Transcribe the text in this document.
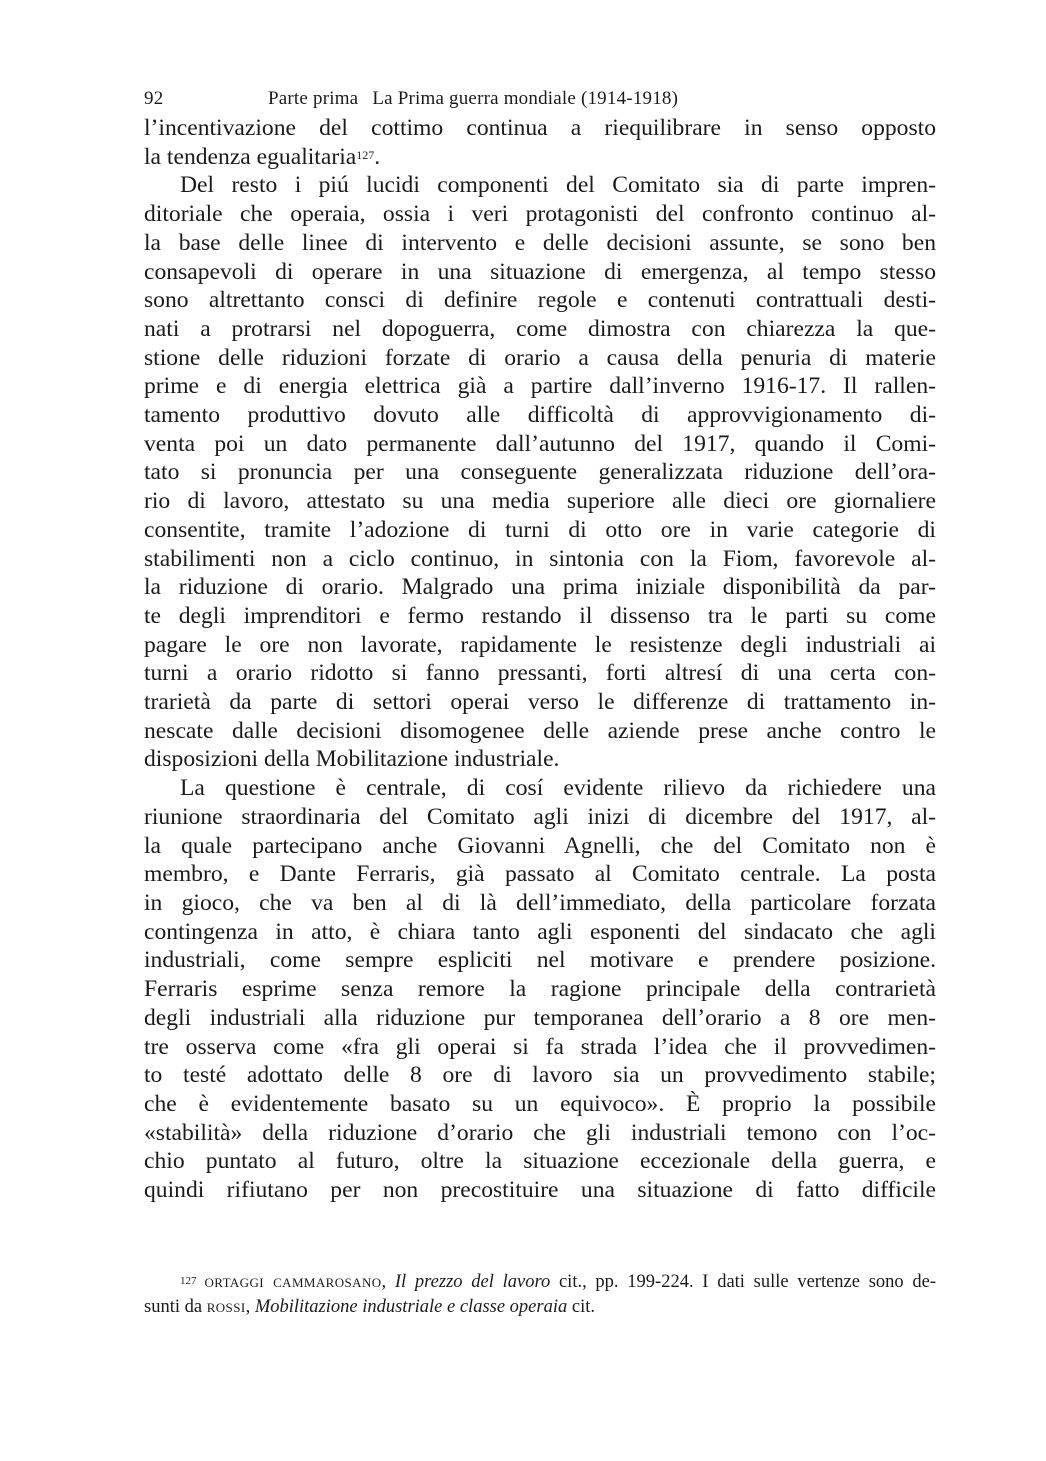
92	Parte prima La Prima guerra mondiale (1914-1918)

l’incentivazione del cottimo continua a riequilibrare in senso opposto
la tendenza egualitaria$^{127}$.

Del resto i piú lucidi componenti del Comitato sia di parte impren-
ditoriale che operaia, ossia i veri protagonisti del confronto continuo al-
la base delle linee di intervento e delle decisioni assunte, se sono ben
consapevoli di operare in una situazione di emergenza, al tempo stesso
sono altrettanto consci di definire regole e contenuti contrattuali desti-
nati a protrarsi nel dopoguerra, come dimostra con chiarezza la que-
stione delle riduzioni forzate di orario a causa della penuria di materie
prime e di energia elettrica già a partire dall’inverno 1916-17. Il rallen-
tamento produttivo dovuto alle difficoltà di approvvigionamento di-
venta poi un dato permanente dall’autunno del 1917, quando il Comi-
tato si pronuncia per una conseguente generalizzata riduzione dell’ora-
rio di lavoro, attestato su una media superiore alle dieci ore giornaliere
consentite, tramite l’adozione di turni di otto ore in varie categorie di
stabilimenti non a ciclo continuo, in sintonia con la Fiom, favorevole al-
la riduzione di orario. Malgrado una prima iniziale disponibilità da par-
te degli imprenditori e fermo restando il dissenso tra le parti su come
pagare le ore non lavorate, rapidamente le resistenze degli industriali ai
turni a orario ridotto si fanno pressanti, forti altresí di una certa con-
trarietà da parte di settori operai verso le differenze di trattamento in-
nescate dalle decisioni disomogenee delle aziende prese anche contro le
disposizioni della Mobilitazione industriale.

La questione è centrale, di cosí evidente rilievo da richiedere una
riunione straordinaria del Comitato agli inizi di dicembre del 1917, al-
la quale partecipano anche Giovanni Agnelli, che del Comitato non è
membro, e Dante Ferraris, già passato al Comitato centrale. La posta
in gioco, che va ben al di là dell’immediato, della particolare forzata
contingenza in atto, è chiara tanto agli esponenti del sindacato che agli
industriali, come sempre espliciti nel motivare e prendere posizione.
Ferraris esprime senza remore la ragione principale della contrarietà
degli industriali alla riduzione pur temporanea dell’orario a 8 ore men-
tre osserva come «fra gli operai si fa strada l’idea che il provvedimen-
to testé adottato delle 8 ore di lavoro sia un provvedimento stabile;
che è evidentemente basato su un equivoco». È proprio la possibile
«stabilità» della riduzione d’orario che gli industriali temono con l’oc-
chio puntato al futuro, oltre la situazione eccezionale della guerra, e
quindi rifiutano per non precostituire una situazione di fatto difficile

$^{127}$ ortaggi cammarosano, Il prezzo del lavoro cit., pp. 199-224. I dati sulle vertenze sono de-
sunti da rossi, Mobilitazione industriale e classe operaia cit.
